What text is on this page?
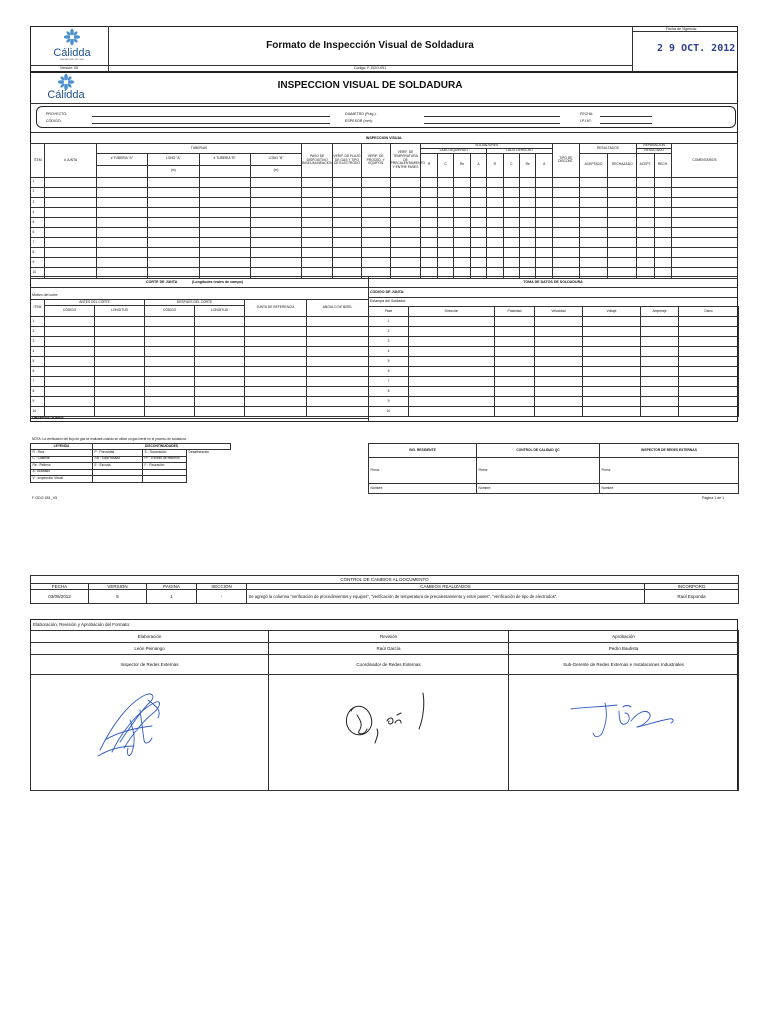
Cálidda
GAS NATURAL DEL PERU
Versión: 05
Formato de Inspección Visual de Soldadura
Código: F-GDO-051
Fecha de Vigencia:
2 9 OCT. 2012
Cálidda
INSPECCION VISUAL DE SOLDADURA
PROYECTO:
CÓDIGO:
DIAMETRO (Pulg.):
ESPESOR (mm):
FECHA:
I.P.I.N°:
INSPECCION VISUAL
ITEM	# JUNTA	TUBERIAS				PASO DE DISPOSITIVO BISEL/ALINEACION	VERIF. DE FLUJO DE GAS Y TIPO DE ELECTRODO	VERIF. DE PROCED. Y EQUIPOS	VERIF. DE TEMPERATURA DE PRECALENTAMIENTO Y ENTRE PASES	SOLDADORES								TIPO DE DISCONT.	RESULTADOS		REPARACION		COMENTARIOS
										LADO IZQUIERDO				LADO DERECHO							RESULTADO		
		# TUBERIA "A"	LONG "A"	# TUBERIA "B"	LONG "B"					R	C	Re	A	R	C	Re	A		ACEPTADO	RECHAZADO	ACEPT.	RECH.	
			(m)		(m)																		
1																							
2																							
3																							
4																							
5																							
6																							
7																							
8																							
9																							
10																							
CORTE DE JUNTA	(Longitudes reales de campo)	TOMA DE DATOS DE SOLDADURA
Motivo del corte:
CODIGO DE JUNTA:
Estampa del Soldador:
ITEM	ANTES DEL CORTE		DESPUES DEL CORTE		JUNTA DE REFERENCIA	ANGULO DE BISEL
	CÓDIGO	LONGITUD	CÓDIGO	LONGITUD		
1						
2						
3						
4						
5						
6						
7						
8						
9						
10						
Pase	Dirección	Polaridad	Velocidad	Voltaje	Amperaje	Disco
1						
2						
3						
4						
5						
6						
7						
8						
9						
10						
OBSERVACIONES:
NOTA: La verificación del flujo de gas se realizará cuando se utilice un gas inerte en el proceso de soldadura.
LEYENDA	DISCONTINUIDADES		
R : Raíz	P : Porosidad	S : Socavación	Desalineación
C : Caliente	SB : Sopo fusado	FF : Exceso de refuerzo	
Re : Relleno	E : Escoria	F : Fisuración	
A : Acabado			
V : Inspección Visual			
ING. RESIDENTE	CONTROL DE CALIDAD QC	INSPECTOR DE REDES EXTERNAS
Firma:	Firma:	Firma:
Nombre:	Nombre:	Nombre:
F-GDO-051_V5	Página 1 de 1
CONTROL DE CAMBIOS AL DOCUMENTO					
FECHA	VERSION	PAGINA	SECCION	CAMBIOS REALIZADOS	INCORPORO
03/09/2012	5	1	-	Se agregó la columna "verificación de procedimientos y equipos", "verificación de temperatura de precalentamiento y entre pases", "verificación de tipo de electrodos".	Raúl Esponda
Elaboración, Revisión y Aprobación del Formato:
Elaboración	Revisión	Aprobación
León Peinango	Raúl García	Pedro Bautista
Inspector de Redes Externas	Coordinador de Redes Externas	Sub-Gerente de Redes Externas e Instalaciones Industriales
